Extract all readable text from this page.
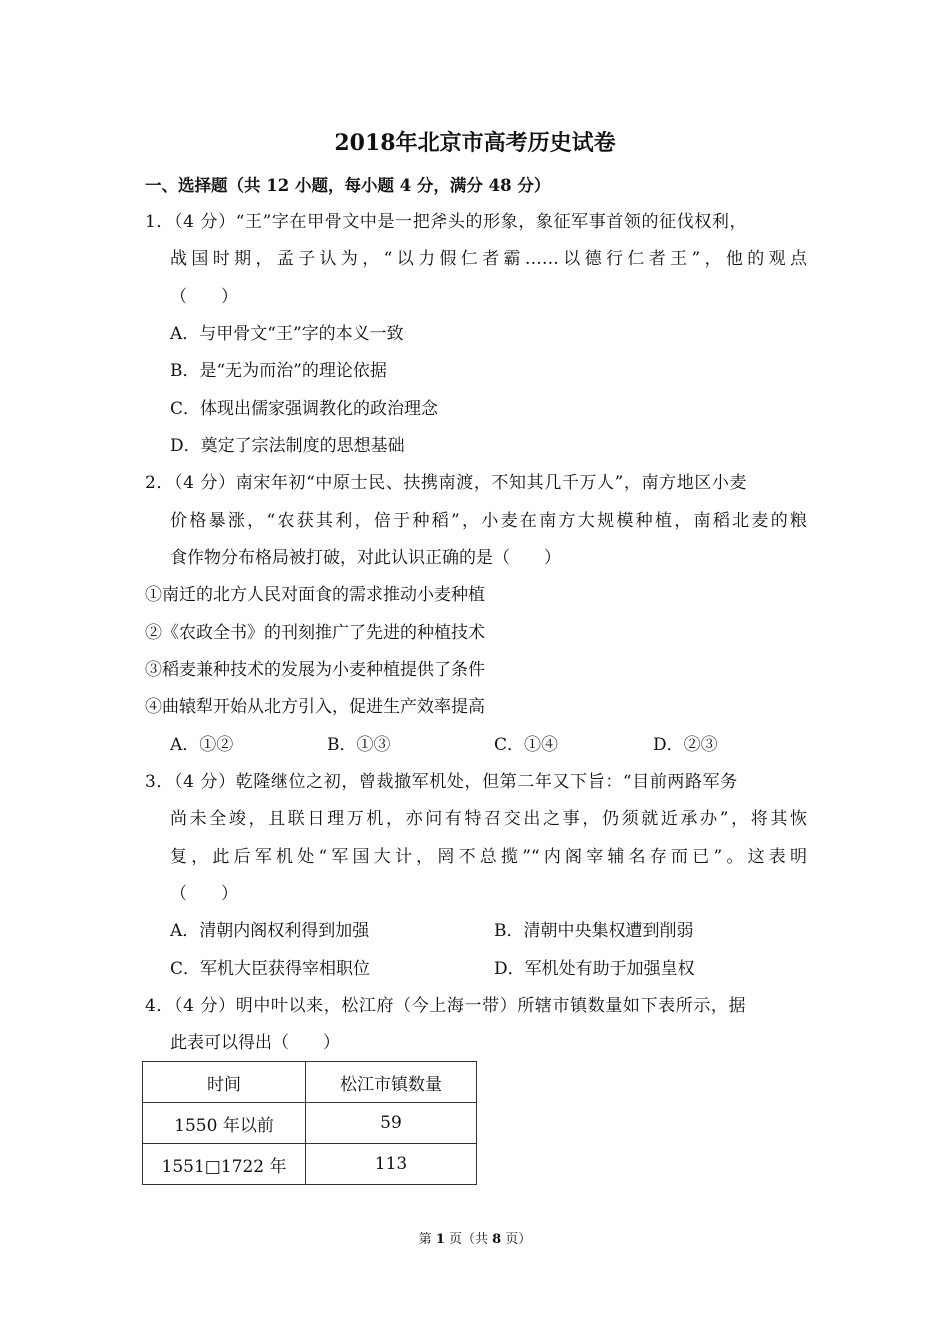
2018年北京市高考历史试卷
一、选择题（共 12 小题，每小题 4 分，满分 48 分）
1．（4 分）“王”字在甲骨文中是一把斧头的形象，象征军事首领的征伐权利，
战国时期，孟子认为，“以力假仁者霸……以德行仁者王”，他的观点
（　　）
A．与甲骨文“王”字的本义一致
B．是“无为而治”的理论依据
C．体现出儒家强调教化的政治理念
D．奠定了宗法制度的思想基础
2．（4 分）南宋年初“中原士民、扶携南渡，不知其几千万人”，南方地区小麦
价格暴涨，“农获其利，倍于种稻”，小麦在南方大规模种植，南稻北麦的粮
食作物分布格局被打破，对此认识正确的是（　　）
①南迁的北方人民对面食的需求推动小麦种植
②《农政全书》的刊刻推广了先进的种植技术
③稻麦兼种技术的发展为小麦种植提供了条件
④曲辕犁开始从北方引入，促进生产效率提高
A．①②	B．①③	C．①④	D．②③
3．（4 分）乾隆继位之初，曾裁撤军机处，但第二年又下旨：“目前两路军务
尚未全竣，且联日理万机，亦问有特召交出之事，仍须就近承办”，将其恢
复，此后军机处“军国大计，罔不总揽”“内阁宰辅名存而已”。这表明
（　　）
A．清朝内阁权利得到加强	B．清朝中央集权遭到削弱
C．军机大臣获得宰相职位	D．军机处有助于加强皇权
4．（4 分）明中叶以来，松江府（今上海一带）所辖市镇数量如下表所示，据
此表可以得出（　　）
时间	松江市镇数量
1550 年以前	59
1551□1722 年	113
第 1 页（共 8 页）
